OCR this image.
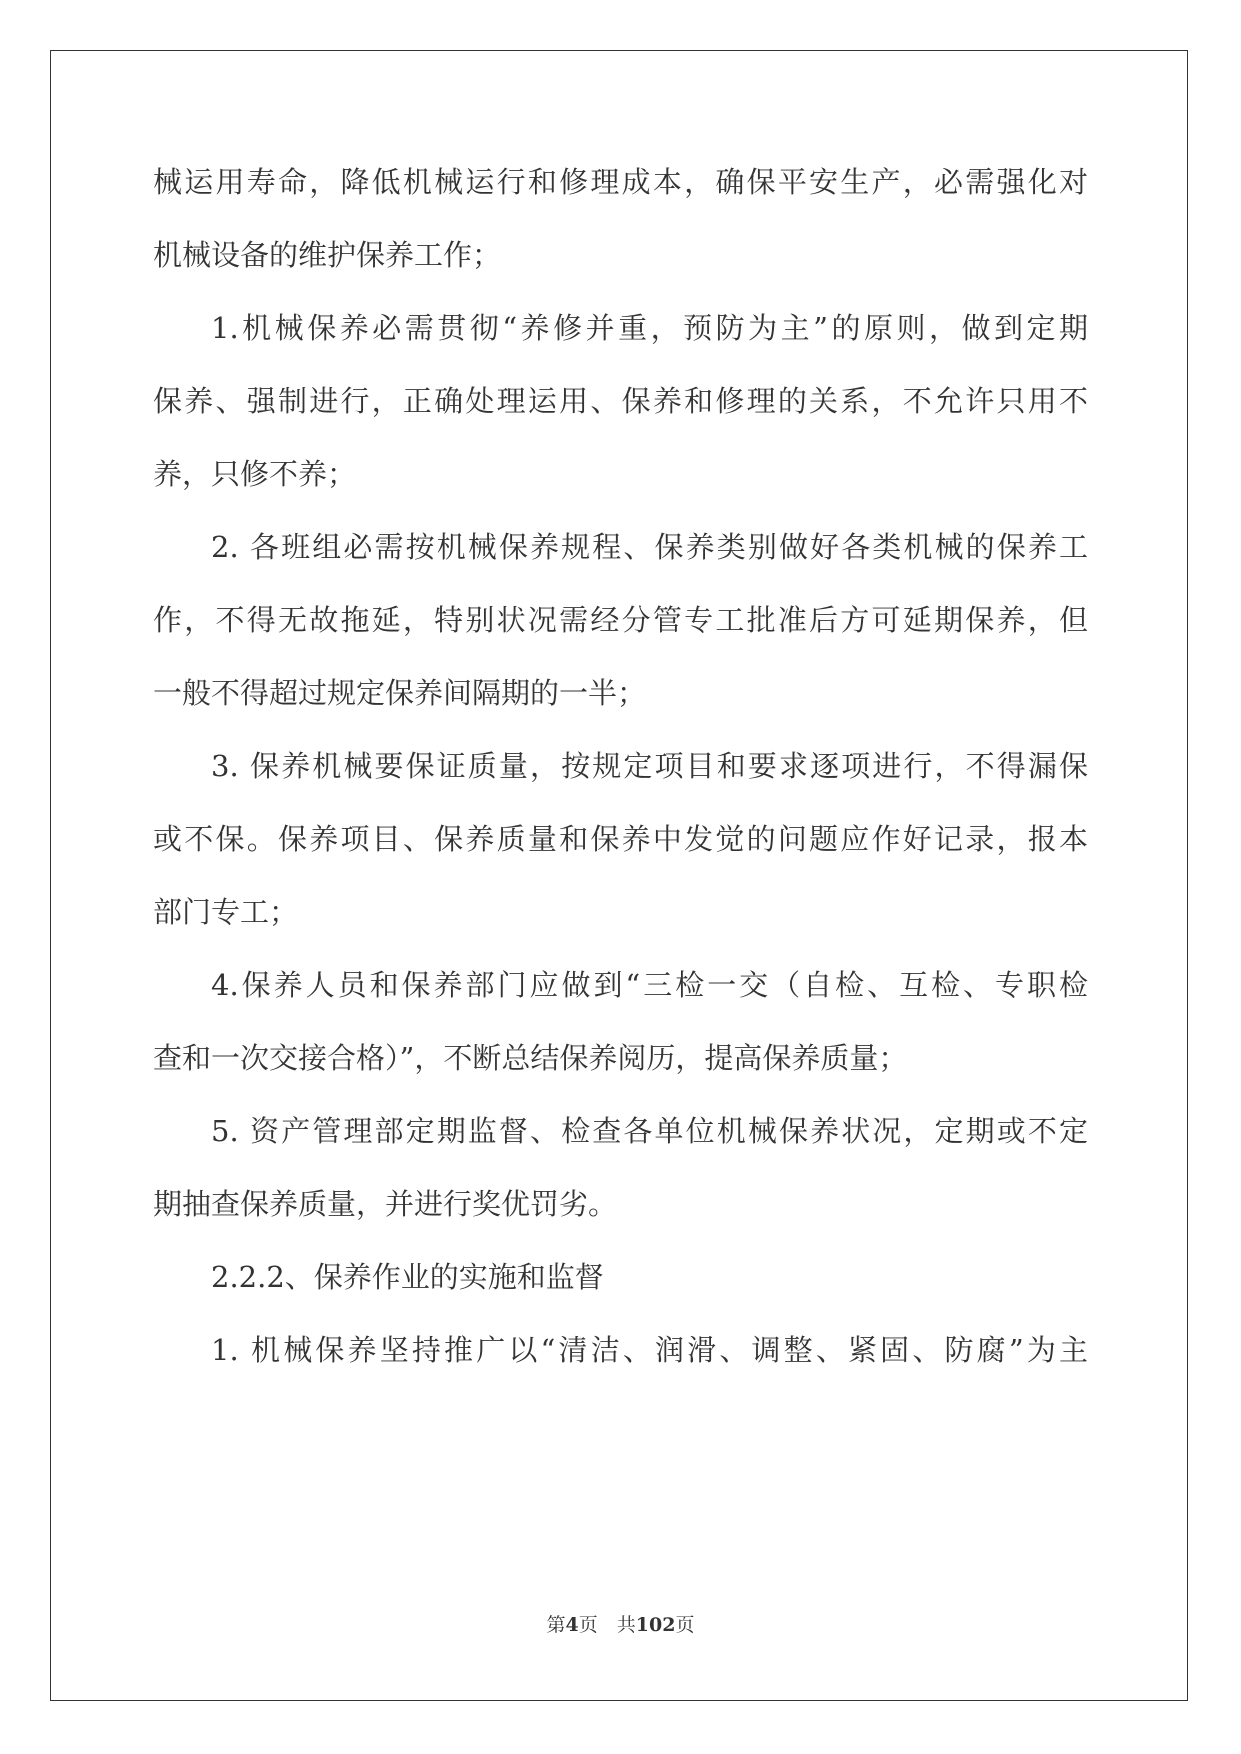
械运用寿命，降低机械运行和修理成本，确保平安生产，必需强化对
机械设备的维护保养工作；
1.机械保养必需贯彻“养修并重，预防为主”的原则，做到定期
保养、强制进行，正确处理运用、保养和修理的关系，不允许只用不
养，只修不养；
2. 各班组必需按机械保养规程、保养类别做好各类机械的保养工
作，不得无故拖延，特别状况需经分管专工批准后方可延期保养，但
一般不得超过规定保养间隔期的一半；
3. 保养机械要保证质量，按规定项目和要求逐项进行，不得漏保
或不保。保养项目、保养质量和保养中发觉的问题应作好记录，报本
部门专工；
4.保养人员和保养部门应做到“三检一交（自检、互检、专职检
查和一次交接合格）”，不断总结保养阅历，提高保养质量；
5. 资产管理部定期监督、检查各单位机械保养状况，定期或不定
期抽查保养质量，并进行奖优罚劣。
2.2.2、保养作业的实施和监督
1. 机械保养坚持推广以“清洁、润滑、调整、紧固、防腐”为主
第4页　共102页
